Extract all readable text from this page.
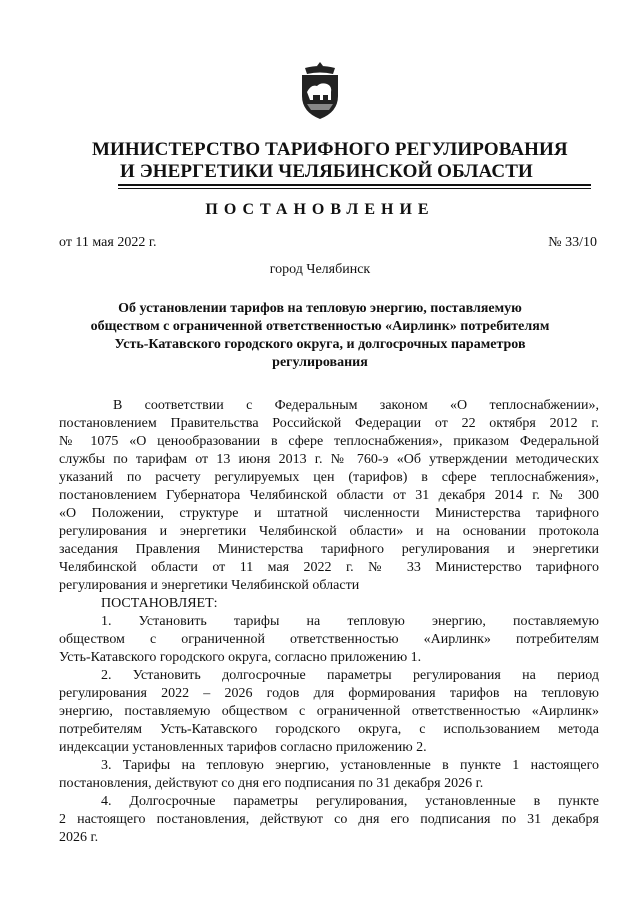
МИНИСТЕРСТВО ТАРИФНОГО РЕГУЛИРОВАНИЯ
И ЭНЕРГЕТИКИ ЧЕЛЯБИНСКОЙ ОБЛАСТИ
ПОСТАНОВЛЕНИЕ
от 11 мая 2022 г.	№ 33/10
город Челябинск
Об установлении тарифов на тепловую энергию, поставляемую
обществом с ограниченной ответственностью «Аирлинк» потребителям
Усть-Катавского городского округа, и долгосрочных параметров
регулирования
В соответствии с Федеральным законом «О теплоснабжении»,
постановлением Правительства Российской Федерации от 22 октября 2012 г.
№ 1075 «О ценообразовании в сфере теплоснабжения», приказом Федеральной
службы по тарифам от 13 июня 2013 г. № 760-э «Об утверждении методических
указаний по расчету регулируемых цен (тарифов) в сфере теплоснабжения»,
постановлением Губернатора Челябинской области от 31 декабря 2014 г. № 300
«О Положении, структуре и штатной численности Министерства тарифного
регулирования и энергетики Челябинской области» и на основании протокола
заседания Правления Министерства тарифного регулирования и энергетики
Челябинской области от 11 мая 2022 г. № 33 Министерство тарифного
регулирования и энергетики Челябинской области
ПОСТАНОВЛЯЕТ:
1. Установить тарифы на тепловую энергию, поставляемую
обществом с ограниченной ответственностью «Аирлинк» потребителям
Усть-Катавского городского округа, согласно приложению 1.
2. Установить долгосрочные параметры регулирования на период
регулирования 2022 – 2026 годов для формирования тарифов на тепловую
энергию, поставляемую обществом с ограниченной ответственностью «Аирлинк»
потребителям Усть-Катавского городского округа, с использованием метода
индексации установленных тарифов согласно приложению 2.
3. Тарифы на тепловую энергию, установленные в пункте 1 настоящего
постановления, действуют со дня его подписания по 31 декабря 2026 г.
4. Долгосрочные параметры регулирования, установленные в пункте
2 настоящего постановления, действуют со дня его подписания по 31 декабря
2026 г.
